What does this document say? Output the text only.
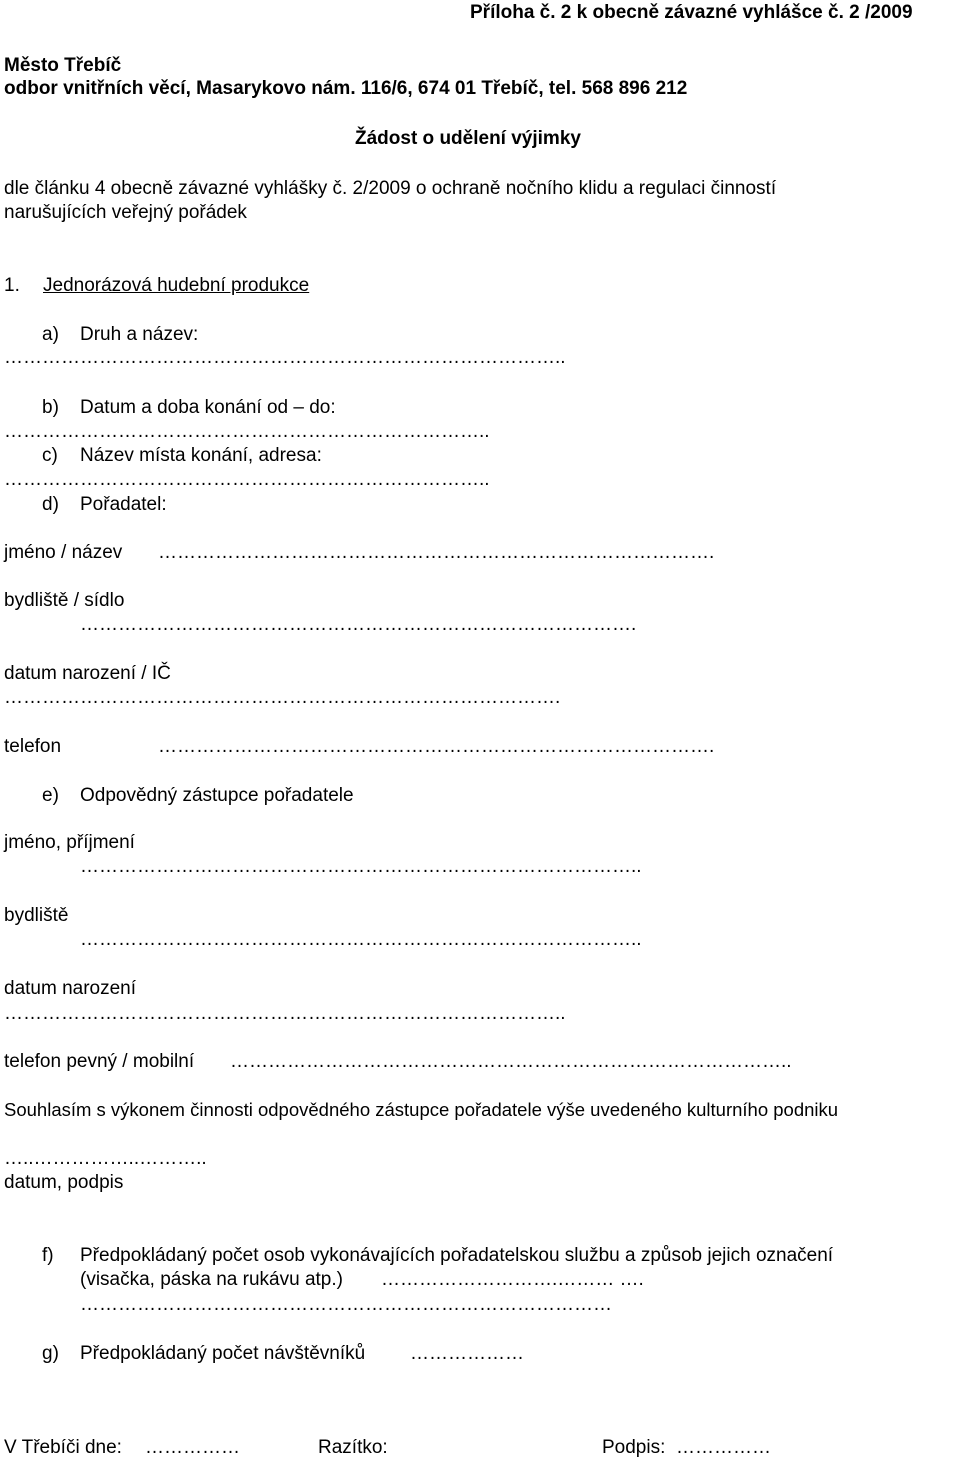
Příloha č. 2 k obecně závazné vyhlášce č. 2 /2009
Město Třebíč
odbor vnitřních věcí, Masarykovo nám. 116/6, 674 01 Třebíč, tel. 568 896 212
Žádost o udělení výjimky
dle článku 4 obecně závazné vyhlášky č. 2/2009 o ochraně nočního klidu a regulaci činností
narušujících veřejný pořádek
1. Jednorázová hudební produkce
a) Druh a název:
……………………………………………………………………………..
b) Datum a doba konání od – do:
…………………………………………………………………..
c) Název místa konání, adresa:
…………………………………………………………………..
d) Pořadatel:
jméno / název …………………………………………………………………………….
bydliště / sídlo
…………………………………………………………………………….
datum narození / IČ
…………………………………………………………………………….
telefon	…………………………………………………………………………….
e) Odpovědný zástupce pořadatele
jméno, příjmení
……………………………………………………………………………..
bydliště
……………………………………………………………………………..
datum narození
……………………………………………………………………………..
telefon pevný / mobilní ……………………………………………………………………………..
Souhlasím s výkonem činnosti odpovědného zástupce pořadatele výše uvedeného kulturního podniku
…..……………..………..
datum, podpis
f) Předpokládaný počet osob vykonávajících pořadatelskou službu a způsob jejich označení
(visačka, páska na rukávu atp.) ……………………….……… ….
…………………………………………………………………………
g) Předpokládaný počet návštěvníků ………………
V Třebíči dne: ……………	Razítko:	Podpis: ……………
